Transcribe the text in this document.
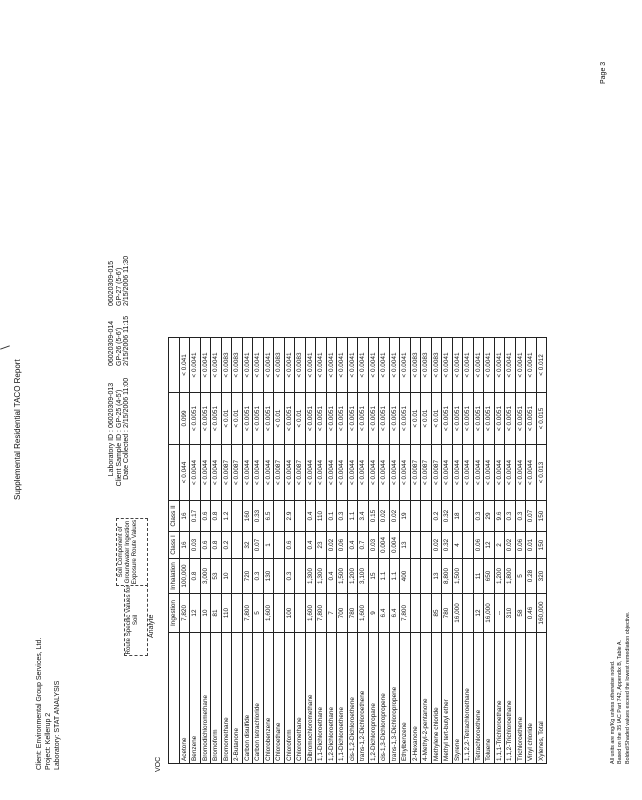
Supplemental Residential TACO Report
Client: Environmental Group Services, Ltd. Project: Kellerup 2 Laboratory: STAT ANALYSIS
Laboratory ID : Client Sample ID : Date Collected :
06020309-013 GP-25 (4-5') 2/15/2006 11:00
06020309-014 GP-26 (5-6') 2/15/2006 11:15
06020309-015 GP-27 (5-6') 2/15/2006 11:30
Route Specific Values for Soil
Soil Component of Groundwater Ingestion Exposure Route Values
Analyte
VOC
	Ingestion	Inhalation	Class I	Class II			
Acetone	7,820	100,000	16	16	< 0.044	0.099	< 0.041
Benzene	12	0.8	0.03	0.17	< 0.0044	< 0.0051	< 0.0041
Bromodichloromethane	10	3,000	0.6	0.6	< 0.0044	< 0.0051	< 0.0041
Bromoform	81	53	0.8	0.8	< 0.0044	< 0.0051	< 0.0041
Bromomethane	110	10	0.2	1.2	< 0.0087	< 0.01	< 0.0083
2-Butanone					< 0.0087	< 0.01	< 0.0083
Carbon disulfide	7,800	720	32	160	< 0.0044	< 0.0051	< 0.0041
Carbon tetrachloride	5	0.3	0.07	0.33	< 0.0044	< 0.0051	< 0.0041
Chlorobenzene	1,600	130	1	6.5	< 0.0044	< 0.0051	< 0.0041
Chloroethane					< 0.0087	< 0.01	< 0.0083
Chloroform	100	0.3	0.6	2.9	< 0.0044	< 0.0051	< 0.0041
Chloromethane					< 0.0087	< 0.01	< 0.0083
Dibromochloromethane	1,600	1,300	0.4	0.4	< 0.0044	< 0.0051	< 0.0041
1,1-Dichloroethane	7,800	1,300	23	110	< 0.0044	< 0.0051	< 0.0041
1,2-Dichloroethane	7	0.4	0.02	0.1	< 0.0044	< 0.0051	< 0.0041
1,1-Dichloroethene	700	1,500	0.06	0.3	< 0.0044	< 0.0051	< 0.0041
cis-1,2-Dichloroethene	780	1,200	0.4	1.1	< 0.0044	< 0.0051	< 0.0041
trans-1,2-Dichloroethene	1,600	3,100	0.7	3.4	< 0.0044	< 0.0051	< 0.0041
1,2-Dichloropropane	9	15	0.03	0.15	< 0.0044	< 0.0051	< 0.0041
cis-1,3-Dichloropropene	6.4	1.1	0.004	0.02	< 0.0044	< 0.0051	< 0.0041
trans-1,3-Dichloropropene	6.4	1.1	0.004	0.02	< 0.0044	< 0.0051	< 0.0041
Ethylbenzene	7,800	400	13	19	< 0.0044	< 0.0051	< 0.0041
2-Hexanone					< 0.0087	< 0.01	< 0.0083
4-Methyl-2-pentanone					< 0.0087	< 0.01	< 0.0083
Methylene chloride	85	13	0.02	0.2	< 0.0087	< 0.01	< 0.0083
Methyl tert-butyl ether	780	8,800	0.32	0.32	< 0.0044	< 0.0051	< 0.0041
Styrene	16,000	1,500	4	18	< 0.0044	< 0.0051	< 0.0041
1,1,2,2-Tetrachloroethane					< 0.0044	< 0.0051	< 0.0041
Tetrachloroethene	12	11	0.06	0.3	< 0.0044	< 0.0051	< 0.0041
Toluene	16,000	650	12	29	< 0.0044	< 0.0051	< 0.0041
1,1,1-Trichloroethane	--	1,200	2	9.6	< 0.0044	< 0.0051	< 0.0041
1,1,2-Trichloroethane	310	1,800	0.02	0.3	< 0.0044	< 0.0051	< 0.0041
Trichloroethene	58	5	0.06	0.3	< 0.0044	< 0.0051	< 0.0041
Vinyl chloride	0.46	0.28	0.01	0.07	< 0.0044	< 0.0051	< 0.0041
Xylenes, Total	160,000	320	150	150	< 0.013	< 0.015	< 0.012
All units are mg/Kg unless otherwise noted. Based on the 35 IAC Part 742, Appendix B, Table A. Bolded/Shaded values exceed the lowest remediation objective.
Page 3
